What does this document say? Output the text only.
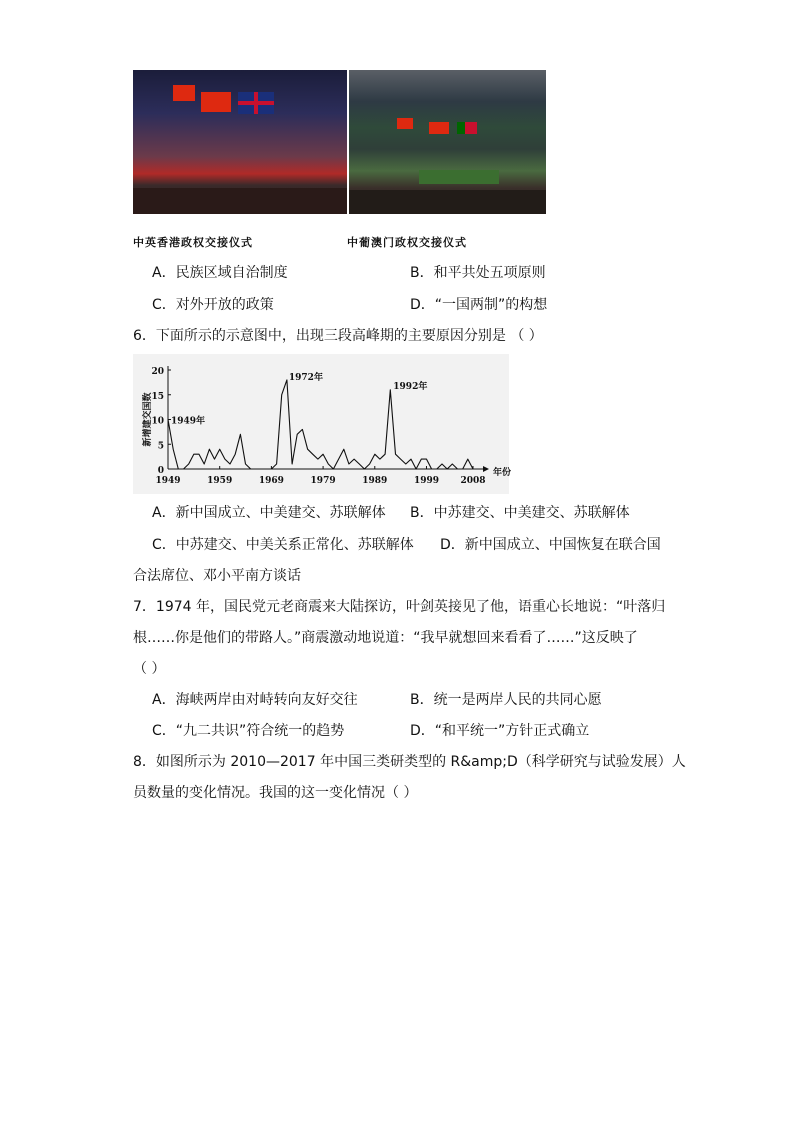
中英香港政权交接仪式	中葡澳门政权交接仪式
A．民族区域自治制度	B．和平共处五项原则
C．对外开放的政策	D．“一国两制”的构想
6．下面所示的示意图中，出现三段高峰期的主要原因分别是 （ ）
0
5
10
15
20
1949	1959	1969	1979	1989	1999 2008
年份
新增建交国数 1949年
1972年
1992年
A．新中国成立、中美建交、苏联解体 B．中苏建交、中美建交、苏联解体
C．中苏建交、中美关系正常化、苏联解体 D．新中国成立、中国恢复在联合国
合法席位、邓小平南方谈话
7．1974 年，国民党元老商震来大陆探访，叶剑英接见了他，语重心长地说：“叶落归
根……你是他们的带路人。”商震激动地说道：“我早就想回来看看了……”这反映了
（ ）
A．海峡两岸由对峙转向友好交往	B．统一是两岸人民的共同心愿
C．“九二共识”符合统一的趋势	D．“和平统一”方针正式确立
8．如图所示为 2010—2017 年中国三类研类型的 R&amp;D（科学研究与试验发展）人
员数量的变化情况。我国的这一变化情况（ ）
